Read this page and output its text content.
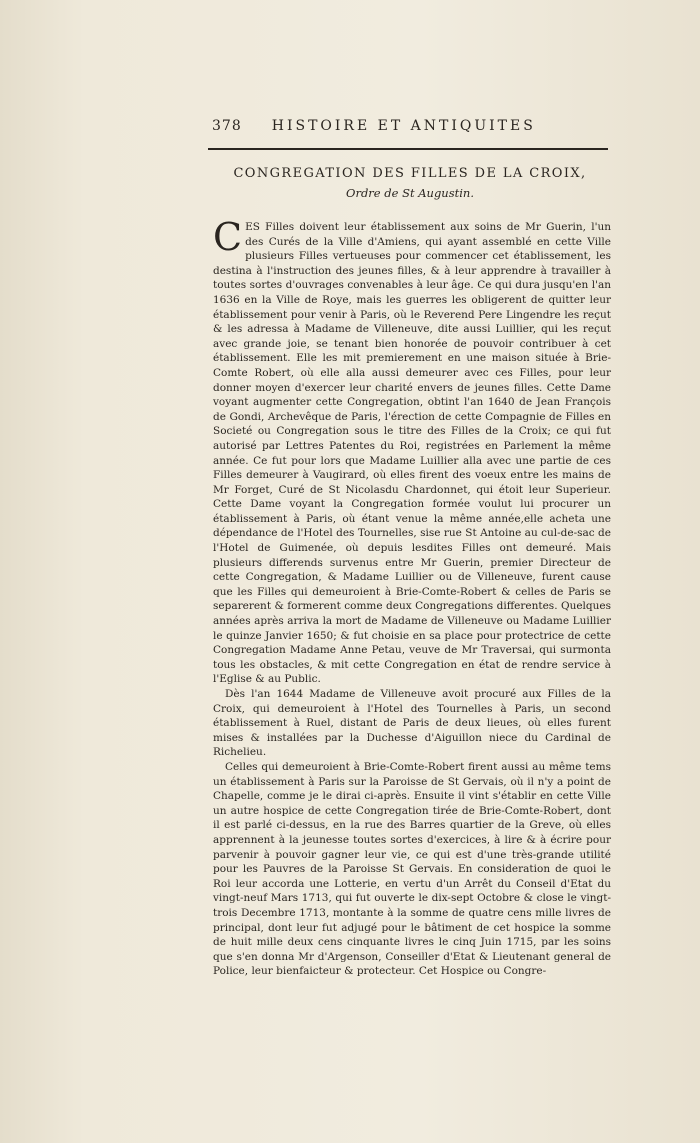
378 HISTOIRE ET ANTIQUITES
CONGREGATION DES FILLES DE LA CROIX,
Ordre de St Augustin.

CES Filles doivent leur établissement aux soins de Mr Guerin, l'un des Curés de la Ville d'Amiens, qui ayant assemblé en cette Ville plusieurs Filles vertueuses pour commencer cet établissement, les destina à l'instruction des jeunes filles, & à leur apprendre à travailler à toutes sortes d'ouvrages convenables à leur âge. Ce qui dura jusqu'en l'an 1636 en la Ville de Roye, mais les guerres les obligerent de quitter leur établissement pour venir à Paris, où le Reverend Pere Lingendre les reçut & les adressa à Madame de Villeneuve, dite aussi Luillier, qui les reçut avec grande joie, se tenant bien honorée de pouvoir contribuer à cet établissement. Elle les mit premierement en une maison située à Brie-Comte Robert, où elle alla aussi demeurer avec ces Filles, pour leur donner moyen d'exercer leur charité envers de jeunes filles. Cette Dame voyant augmenter cette Congregation, obtint l'an 1640 de Jean François de Gondi, Archevêque de Paris, l'érection de cette Compagnie de Filles en Societé ou Congregation sous le titre des Filles de la Croix; ce qui fut autorisé par Lettres Patentes du Roi, registrées en Parlement la même année. Ce fut pour lors que Madame Luillier alla avec une partie de ces Filles demeurer à Vaugirard, où elles firent des voeux entre les mains de Mr Forget, Curé de St Nicolasdu Chardonnet, qui étoit leur Superieur. Cette Dame voyant la Congregation formée voulut lui procurer un établissement à Paris, où étant venue la même année,elle acheta une dépendance de l'Hotel des Tournelles, sise rue St Antoine au cul-de-sac de l'Hotel de Guimenée, où depuis lesdites Filles ont demeuré. Mais plusieurs differends survenus entre Mr Guerin, premier Directeur de cette Congregation, & Madame Luillier ou de Villeneuve, furent cause que les Filles qui demeuroient à Brie-Comte-Robert & celles de Paris se separerent & formerent comme deux Congregations differentes. Quelques années après arriva la mort de Madame de Villeneuve ou Madame Luillier le quinze Janvier 1650; & fut choisie en sa place pour protectrice de cette Congregation Madame Anne Petau, veuve de Mr Traversai, qui surmonta tous les obstacles, & mit cette Congregation en état de rendre service à l'Eglise & au Public.

Dès l'an 1644 Madame de Villeneuve avoit procuré aux Filles de la Croix, qui demeuroient à l'Hotel des Tournelles à Paris, un second établissement à Ruel, distant de Paris de deux lieues, où elles furent mises & installées par la Duchesse d'Aiguillon niece du Cardinal de Richelieu.

Celles qui demeuroient à Brie-Comte-Robert firent aussi au même tems un établissement à Paris sur la Paroisse de St Gervais, où il n'y a point de Chapelle, comme je le dirai ci-après. Ensuite il vint s'établir en cette Ville un autre hospice de cette Congregation tirée de Brie-Comte-Robert, dont il est parlé ci-dessus, en la rue des Barres quartier de la Greve, où elles apprennent à la jeunesse toutes sortes d'exercices, à lire & à écrire pour parvenir à pouvoir gagner leur vie, ce qui est d'une très-grande utilité pour les Pauvres de la Paroisse St Gervais. En consideration de quoi le Roi leur accorda une Lotterie, en vertu d'un Arrêt du Conseil d'Etat du vingt-neuf Mars 1713, qui fut ouverte le dix-sept Octobre & close le vingt-trois Decembre 1713, montante à la somme de quatre cens mille livres de principal, dont leur fut adjugé pour le bâtiment de cet hospice la somme de huit mille deux cens cinquante livres le cinq Juin 1715, par les soins que s'en donna Mr d'Argenson, Conseiller d'Etat & Lieutenant general de Police, leur bienfaicteur & protecteur. Cet Hospice ou Congre-
